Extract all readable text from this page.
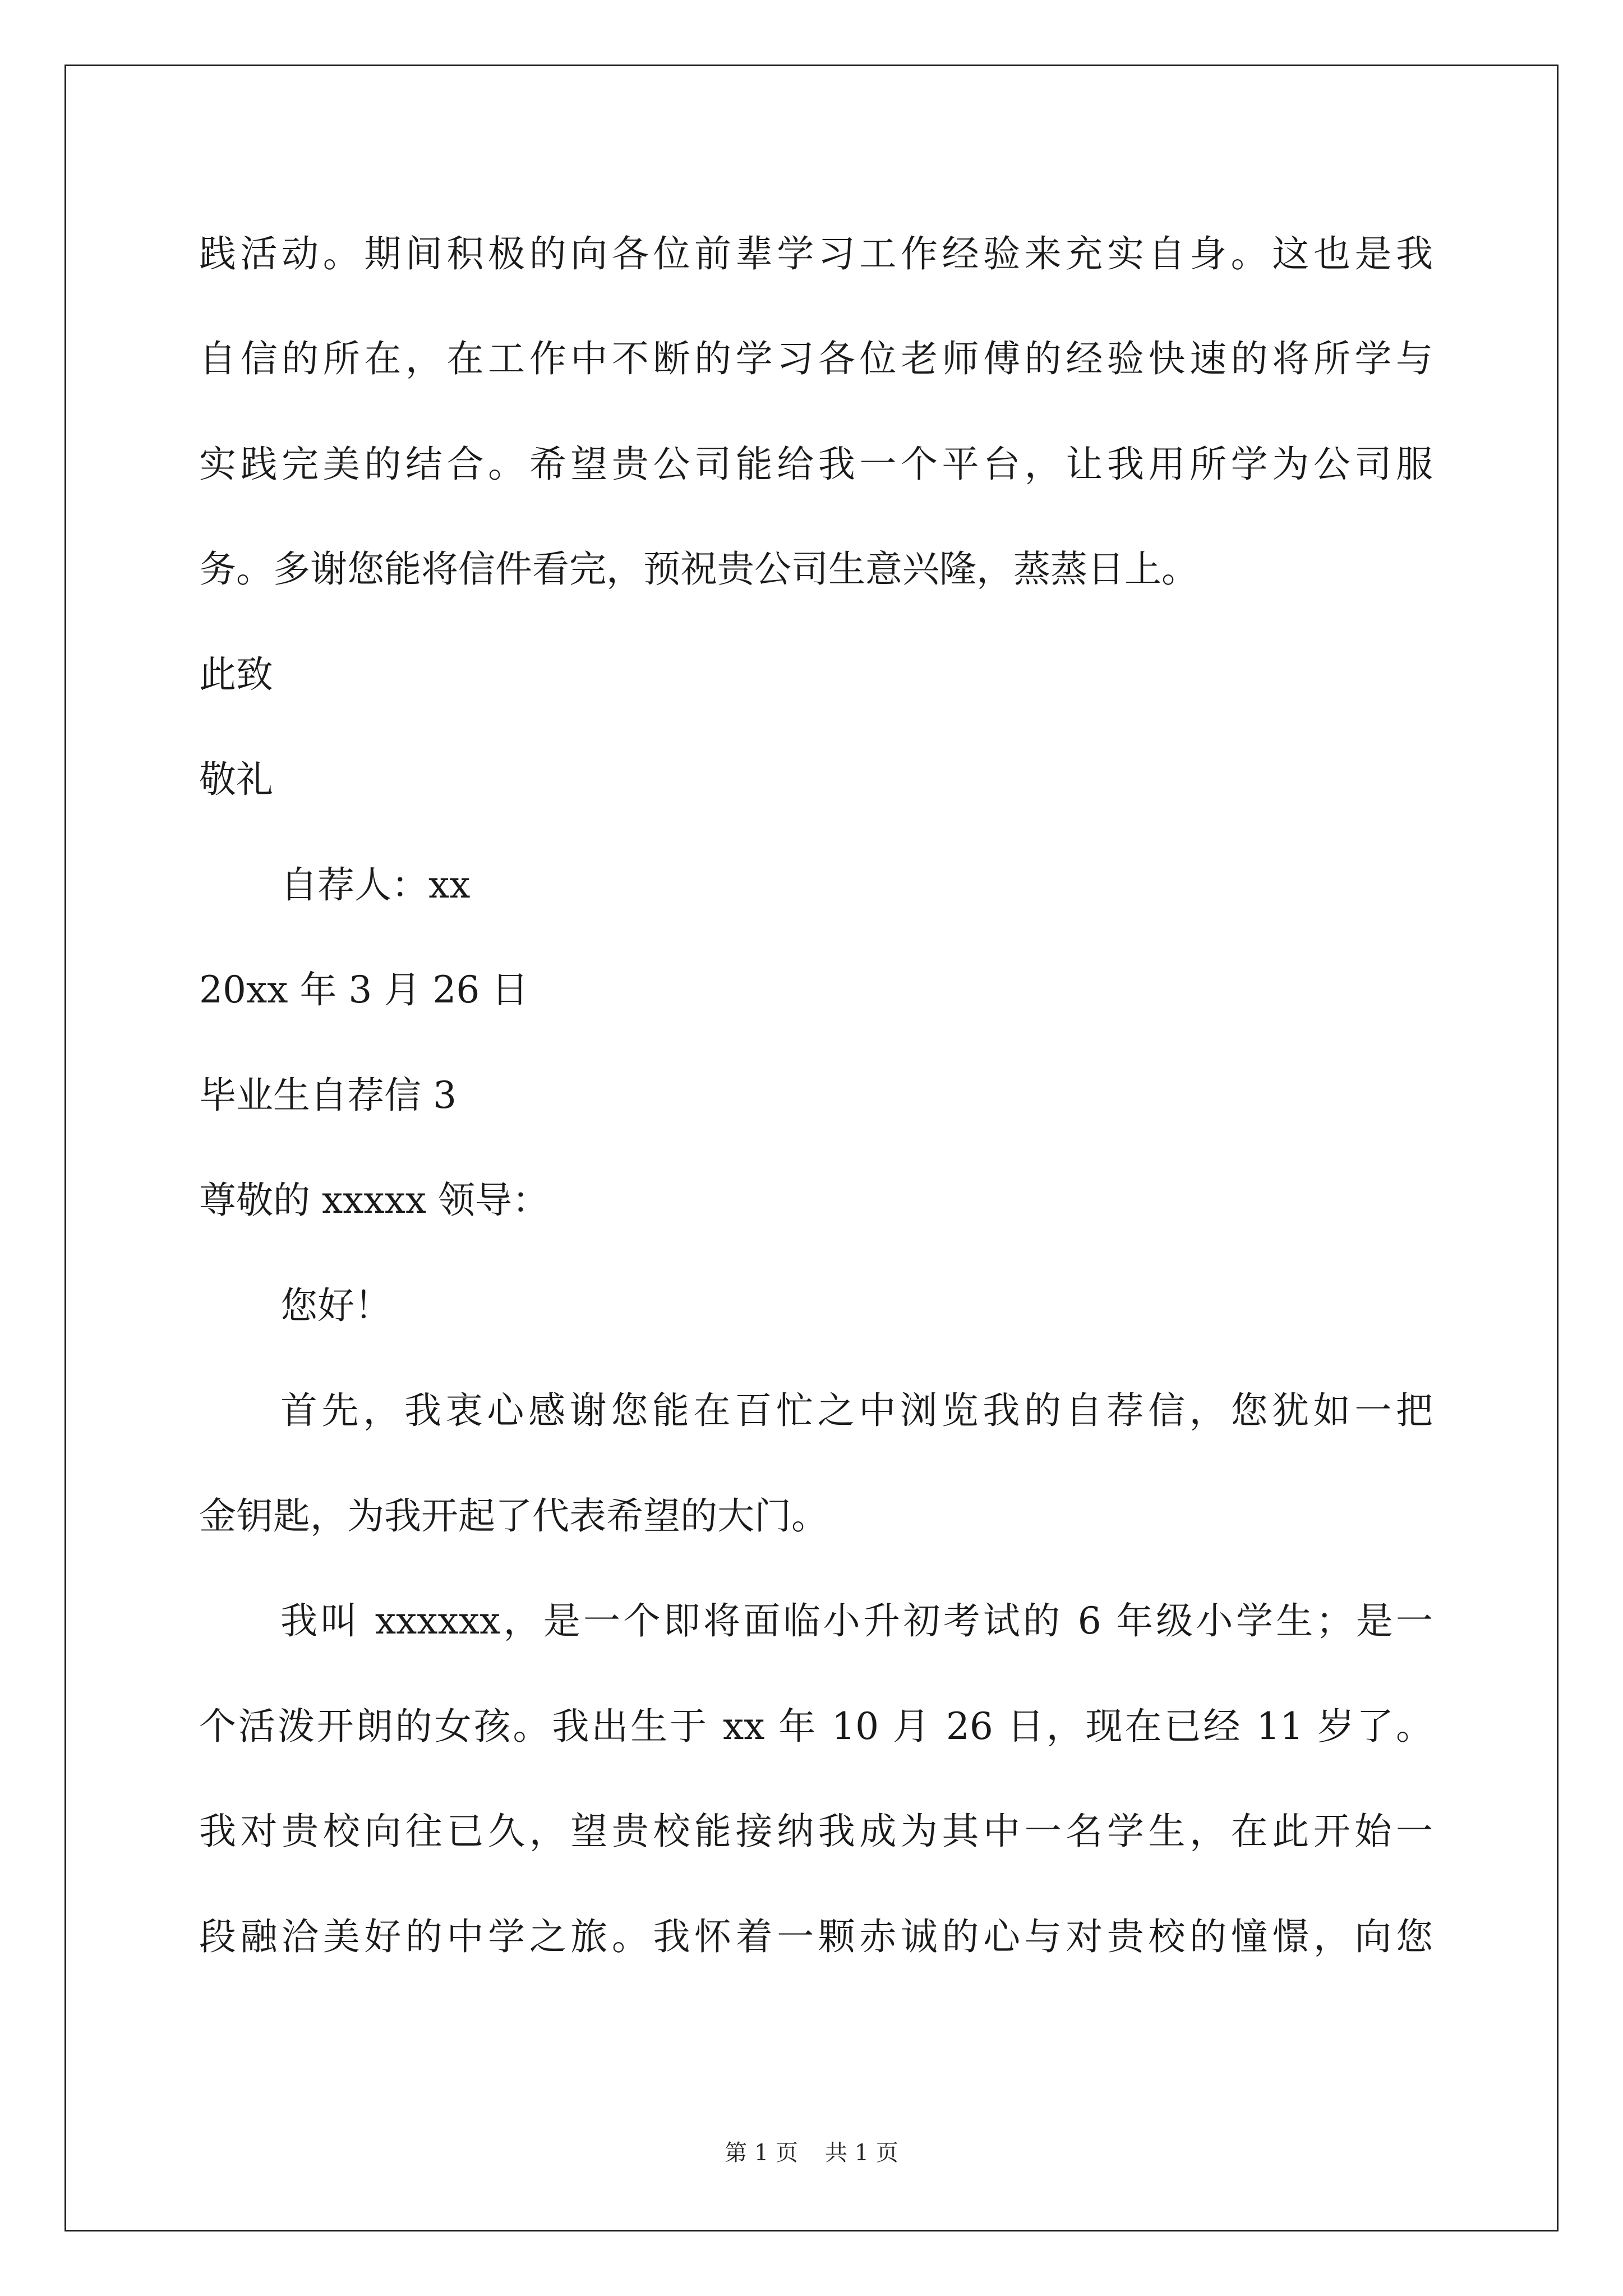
践活动。期间积极的向各位前辈学习工作经验来充实自身。这也是我
自信的所在，在工作中不断的学习各位老师傅的经验快速的将所学与
实践完美的结合。希望贵公司能给我一个平台，让我用所学为公司服
务。多谢您能将信件看完，预祝贵公司生意兴隆，蒸蒸日上。
此致
敬礼
自荐人：xx
20xx 年 3 月 26 日
毕业生自荐信 3
尊敬的 xxxxx 领导：
您好！
首先，我衷心感谢您能在百忙之中浏览我的自荐信，您犹如一把
金钥匙，为我开起了代表希望的大门。
我叫 xxxxxx，是一个即将面临小升初考试的 6 年级小学生；是一
个活泼开朗的女孩。我出生于 xx 年 10 月 26 日，现在已经 11 岁了。
我对贵校向往已久，望贵校能接纳我成为其中一名学生，在此开始一
段融洽美好的中学之旅。我怀着一颗赤诚的心与对贵校的憧憬，向您
第 1 页 共 1 页
